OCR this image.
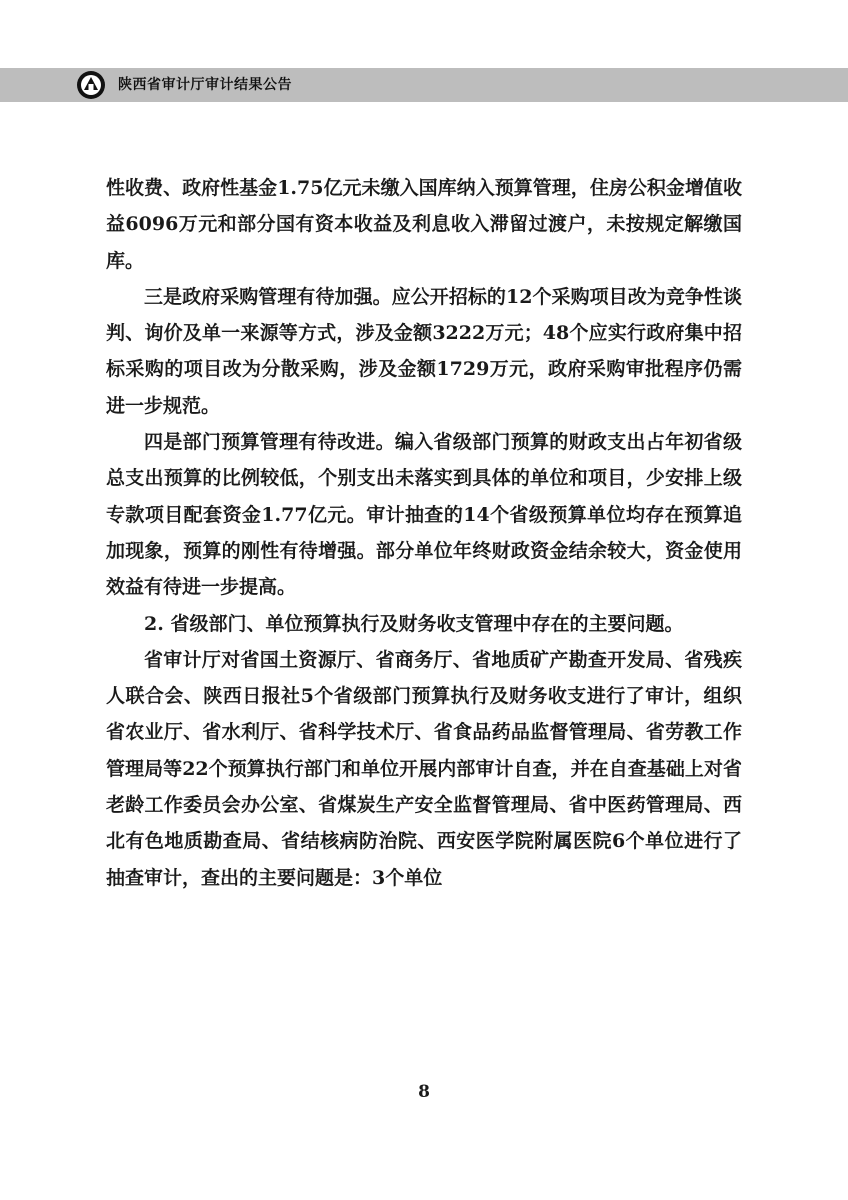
陕西省审计厅审计结果公告

性收费、政府性基金1.75亿元未缴入国库纳入预算管理，住房公积金增值收益6096万元和部分国有资本收益及利息收入滞留过渡户，未按规定解缴国库。

三是政府采购管理有待加强。应公开招标的12个采购项目改为竞争性谈判、询价及单一来源等方式，涉及金额3222万元；48个应实行政府集中招标采购的项目改为分散采购，涉及金额1729万元，政府采购审批程序仍需进一步规范。

四是部门预算管理有待改进。编入省级部门预算的财政支出占年初省级总支出预算的比例较低，个别支出未落实到具体的单位和项目，少安排上级专款项目配套资金1.77亿元。审计抽查的14个省级预算单位均存在预算追加现象，预算的刚性有待增强。部分单位年终财政资金结余较大，资金使用效益有待进一步提高。

2. 省级部门、单位预算执行及财务收支管理中存在的主要问题。

省审计厅对省国土资源厅、省商务厅、省地质矿产勘查开发局、省残疾人联合会、陕西日报社5个省级部门预算执行及财务收支进行了审计，组织省农业厅、省水利厅、省科学技术厅、省食品药品监督管理局、省劳教工作管理局等22个预算执行部门和单位开展内部审计自查，并在自查基础上对省老龄工作委员会办公室、省煤炭生产安全监督管理局、省中医药管理局、西北有色地质勘查局、省结核病防治院、西安医学院附属医院6个单位进行了抽查审计，查出的主要问题是：3个单位

8
